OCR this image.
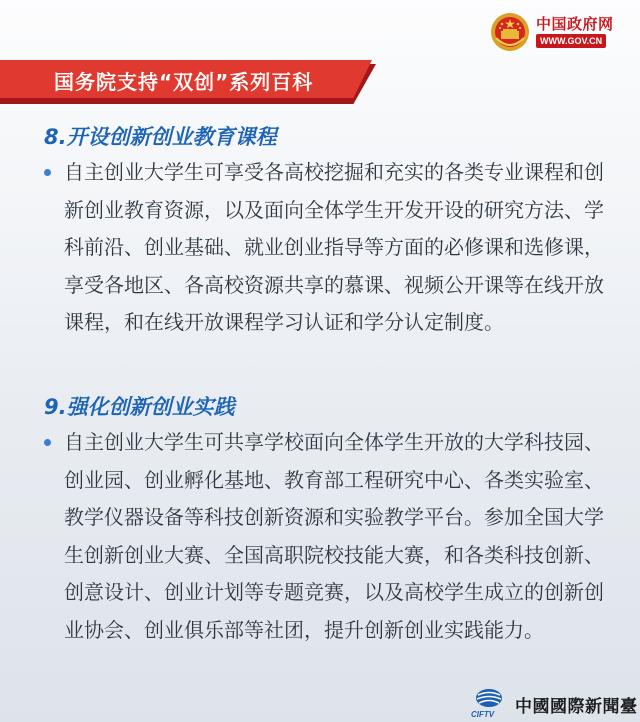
中国政府网
WWW.GOV.CN
国务院支持“双创”系列百科
8.开设创新创业教育课程

自主创业大学生可享受各高校挖掘和充实的各类专业课程和创新创业教育资源，以及面向全体学生开发开设的研究方法、学科前沿、创业基础、就业创业指导等方面的必修课和选修课，享受各地区、各高校资源共享的慕课、视频公开课等在线开放课程，和在线开放课程学习认证和学分认定制度。

9.强化创新创业实践

自主创业大学生可共享学校面向全体学生开放的大学科技园、创业园、创业孵化基地、教育部工程研究中心、各类实验室、教学仪器设备等科技创新资源和实验教学平台。参加全国大学生创新创业大赛、全国高职院校技能大赛，和各类科技创新、创意设计、创业计划等专题竞赛，以及高校学生成立的创新创业协会、创业俱乐部等社团，提升创新创业实践能力。

CIFTV 中國國際新聞臺
